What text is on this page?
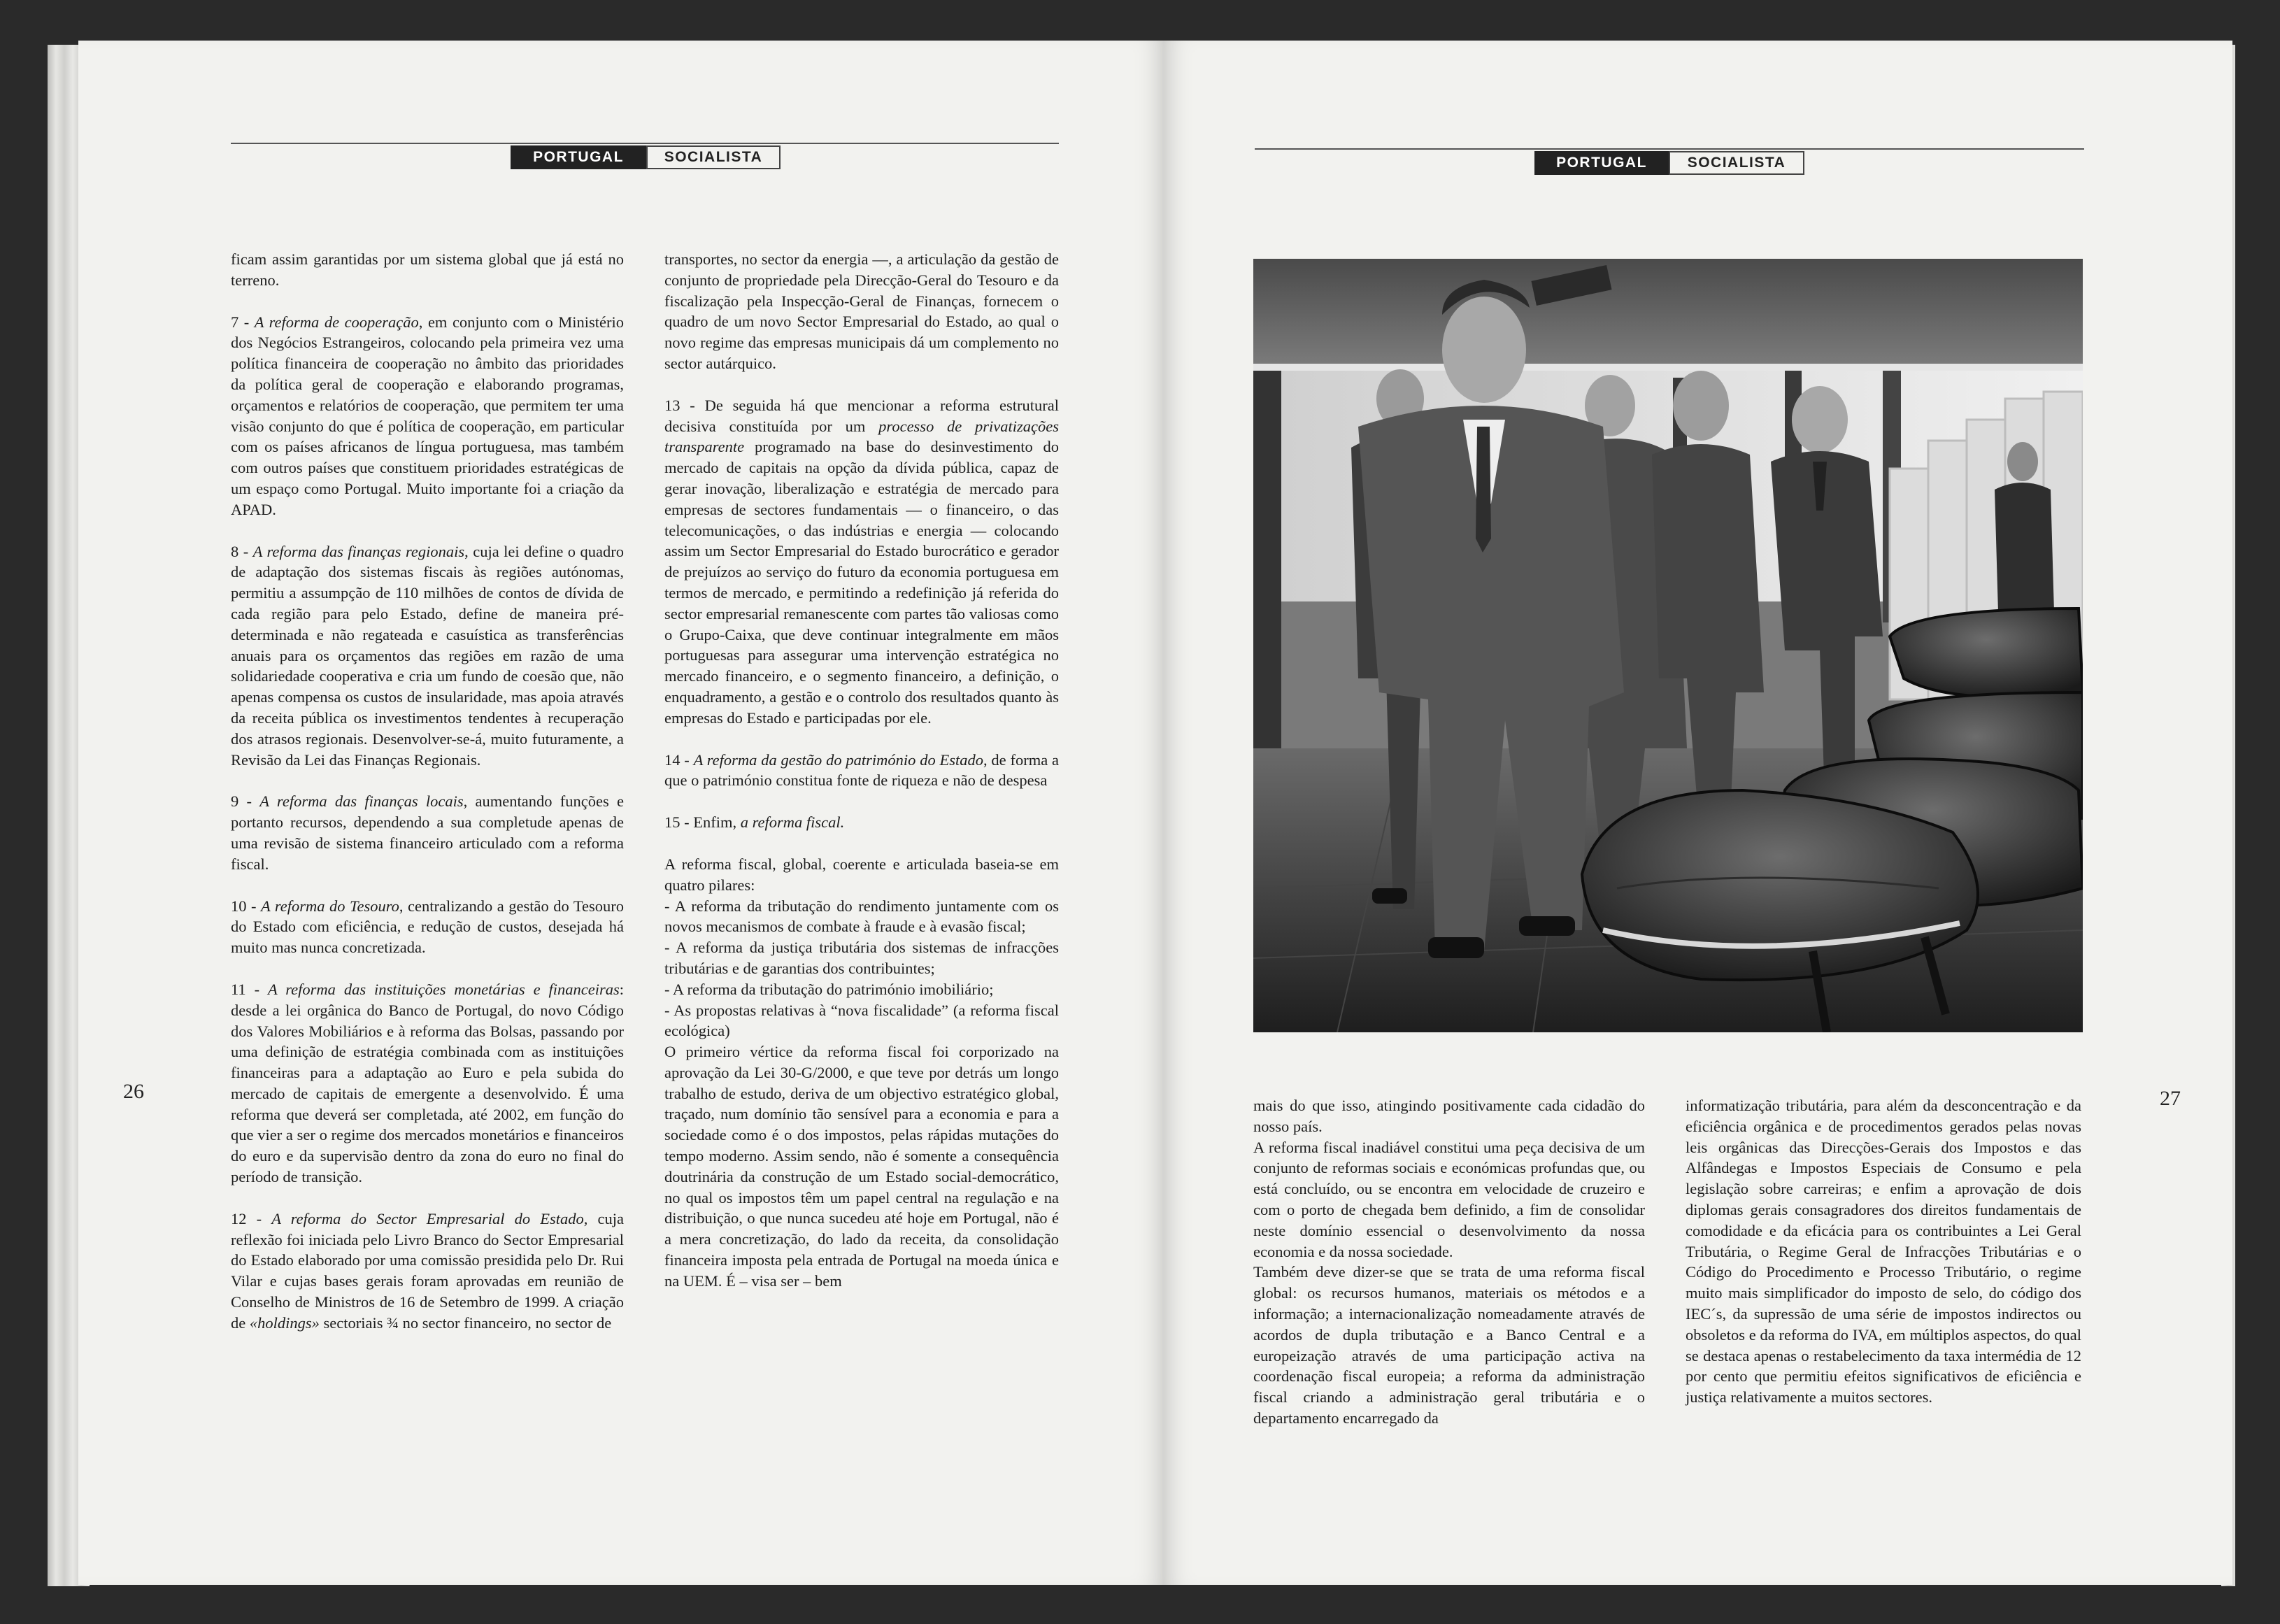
PORTUGAL	SOCIALISTA

ficam assim garantidas por um sistema global que já está no terreno.

7 - A reforma de cooperação, em conjunto com o Ministério dos Negócios Estrangeiros, colocando pela primeira vez uma política financeira de cooperação no âmbito das prioridades da política geral de cooperação e elaborando programas, orçamentos e relatórios de cooperação, que permitem ter uma visão conjunto do que é política de cooperação, em particular com os países africanos de língua portuguesa, mas também com outros países que constituem prioridades estratégicas de um espaço como Portugal. Muito importante foi a criação da APAD.

8 - A reforma das finanças regionais, cuja lei define o quadro de adaptação dos sistemas fiscais às regiões autónomas, permitiu a assumpção de 110 milhões de contos de dívida de cada região para pelo Estado, define de maneira pré-determinada e não regateada e casuística as transferências anuais para os orçamentos das regiões em razão de uma solidariedade cooperativa e cria um fundo de coesão que, não apenas compensa os custos de insularidade, mas apoia através da receita pública os investimentos tendentes à recuperação dos atrasos regionais. Desenvolver-se-á, muito futuramente, a Revisão da Lei das Finanças Regionais.

9 - A reforma das finanças locais, aumentando funções e portanto recursos, dependendo a sua completude apenas de uma revisão de sistema financeiro articulado com a reforma fiscal.

10 - A reforma do Tesouro, centralizando a gestão do Tesouro do Estado com eficiência, e redução de custos, desejada há muito mas nunca concretizada.

11 - A reforma das instituições monetárias e financeiras: desde a lei orgânica do Banco de Portugal, do novo Código dos Valores Mobiliários e à reforma das Bolsas, passando por uma definição de estratégia combinada com as instituições financeiras para a adaptação ao Euro e pela subida do mercado de capitais de emergente a desenvolvido. É uma reforma que deverá ser completada, até 2002, em função do que vier a ser o regime dos mercados monetários e financeiros do euro e da supervisão dentro da zona do euro no final do período de transição.

12 - A reforma do Sector Empresarial do Estado, cuja reflexão foi iniciada pelo Livro Branco do Sector Empresarial do Estado elaborado por uma comissão presidida pelo Dr. Rui Vilar e cujas bases gerais foram aprovadas em reunião de Conselho de Ministros de 16 de Setembro de 1999. A criação de «holdings» sectoriais ¾ no sector financeiro, no sector de

transportes, no sector da energia —, a articulação da gestão de conjunto de propriedade pela Direcção-Geral do Tesouro e da fiscalização pela Inspecção-Geral de Finanças, fornecem o quadro de um novo Sector Empresarial do Estado, ao qual o novo regime das empresas municipais dá um complemento no sector autárquico.

13 - De seguida há que mencionar a reforma estrutural decisiva constituída por um processo de privatizações transparente programado na base do desinvestimento do mercado de capitais na opção da dívida pública, capaz de gerar inovação, liberalização e estratégia de mercado para empresas de sectores fundamentais — o financeiro, o das telecomunicações, o das indústrias e energia — colocando assim um Sector Empresarial do Estado burocrático e gerador de prejuízos ao serviço do futuro da economia portuguesa em termos de mercado, e permitindo a redefinição já referida do sector empresarial remanescente com partes tão valiosas como o Grupo-Caixa, que deve continuar integralmente em mãos portuguesas para assegurar uma intervenção estratégica no mercado financeiro, e o segmento financeiro, a definição, o enquadramento, a gestão e o controlo dos resultados quanto às empresas do Estado e participadas por ele.

14 - A reforma da gestão do património do Estado, de forma a que o património constitua fonte de riqueza e não de despesa

15 - Enfim, a reforma fiscal.

A reforma fiscal, global, coerente e articulada baseia-se em quatro pilares:

- A reforma da tributação do rendimento juntamente com os novos mecanismos de combate à fraude e à evasão fiscal;

- A reforma da justiça tributária dos sistemas de infracções tributárias e de garantias dos contribuintes;

- A reforma da tributação do património imobiliário;

- As propostas relativas à “nova fiscalidade” (a reforma fiscal ecológica)

O primeiro vértice da reforma fiscal foi corporizado na aprovação da Lei 30-G/2000, e que teve por detrás um longo trabalho de estudo, deriva de um objectivo estratégico global, traçado, num domínio tão sensível para a economia e para a sociedade como é o dos impostos, pelas rápidas mutações do tempo moderno. Assim sendo, não é somente a consequência doutrinária da construção de um Estado social-democrático, no qual os impostos têm um papel central na regulação e na distribuição, o que nunca sucedeu até hoje em Portugal, não é a mera concretização, do lado da receita, da consolidação financeira imposta pela entrada de Portugal na moeda única e na UEM. É – visa ser – bem

26
PORTUGAL	SOCIALISTA

mais do que isso, atingindo positivamente cada cidadão do nosso país.

A reforma fiscal inadiável constitui uma peça decisiva de um conjunto de reformas sociais e económicas profundas que, ou está concluído, ou se encontra em velocidade de cruzeiro e com o porto de chegada bem definido, a fim de consolidar neste domínio essencial o desenvolvimento da nossa economia e da nossa sociedade.

Também deve dizer-se que se trata de uma reforma fiscal global: os recursos humanos, materiais os métodos e a informação; a internacionalização nomeadamente através de acordos de dupla tributação e a Banco Central e a europeização através de uma participação activa na coordenação fiscal europeia; a reforma da administração fiscal criando a administração geral tributária e o departamento encarregado da

informatização tributária, para além da desconcentração e da eficiência orgânica e de procedimentos gerados pelas novas leis orgânicas das Direcções-Gerais dos Impostos e das Alfândegas e Impostos Especiais de Consumo e pela legislação sobre carreiras; e enfim a aprovação de dois diplomas gerais consagradores dos direitos fundamentais de comodidade e da eficácia para os contribuintes a Lei Geral Tributária, o Regime Geral de Infracções Tributárias e o Código do Procedimento e Processo Tributário, o regime muito mais simplificador do imposto de selo, do código dos IEC´s, da supressão de uma série de impostos indirectos ou obsoletos e da reforma do IVA, em múltiplos aspectos, do qual se destaca apenas o restabelecimento da taxa intermédia de 12 por cento que permitiu efeitos significativos de eficiência e justiça relativamente a muitos sectores.

27
